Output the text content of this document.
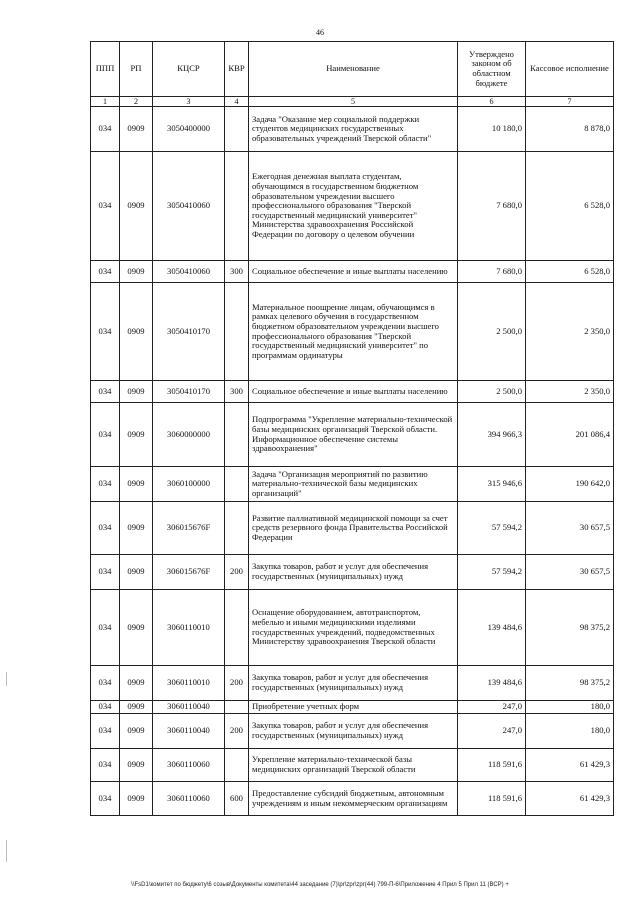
46
ППП	РП	КЦСР	КВР	Наименование	Утверждено законом об областном бюджете	Кассовое исполнение
1	2	3	4	5	6	7
034	0909	3050400000		Задача "Оказание мер социальной поддержки студентов медицинских государственных образовательных учреждений Тверской области"	10 180,0	8 878,0
034	0909	3050410060		Ежегодная денежная выплата студентам, обучающимся в государственном бюджетном образовательном учреждении высшего профессионального образования "Тверской государственный медицинский университет" Министерства здравоохранения Российской Федерации по договору о целевом обучении	7 680,0	6 528,0
034	0909	3050410060	300	Социальное обеспечение и иные выплаты населению	7 680,0	6 528,0
034	0909	3050410170		Материальное поощрение лицам, обучающимся в рамках целевого обучения в государственном бюджетном образовательном учреждении высшего профессионального образования "Тверской государственный медицинский университет" по программам ординатуры	2 500,0	2 350,0
034	0909	3050410170	300	Социальное обеспечение и иные выплаты населению	2 500,0	2 350,0
034	0909	3060000000		Подпрограмма "Укрепление материально-технической базы медицинских организаций Тверской области. Информационное обеспечение системы здравоохранения"	394 966,3	201 086,4
034	0909	3060100000		Задача "Организация мероприятий по развитию материально-технической базы медицинских организаций"	315 946,6	190 642,0
034	0909	306015676F		Развитие паллиативной медицинской помощи за счет средств резервного фонда Правительства Российской Федерации	57 594,2	30 657,5
034	0909	306015676F	200	Закупка товаров, работ и услуг для обеспечения государственных (муниципальных) нужд	57 594,2	30 657,5
034	0909	3060110010		Оснащение оборудованием, автотранспортом, мебелью и иными медицинскими изделиями государственных учреждений, подведомственных Министерству здравоохранения Тверской области	139 484,6	98 375,2
034	0909	3060110010	200	Закупка товаров, работ и услуг для обеспечения государственных (муниципальных) нужд	139 484,6	98 375,2
034	0909	3060110040		Приобретение учетных форм	247,0	180,0
034	0909	3060110040	200	Закупка товаров, работ и услуг для обеспечения государственных (муниципальных) нужд	247,0	180,0
034	0909	3060110060		Укрепление материально-технической базы медицинских организаций Тверской области	118 591,6	61 429,3
034	0909	3060110060	600	Предоставление субсидий бюджетным, автономным учреждениям и иным некоммерческим организациям	118 591,6	61 429,3
\\FsD1\комитет по бюджету\6 созыв\Документы комитета\44 заседание (7)\pr\zpr\zpr(44) 799-П-6\Приложение 4 Прил 5 Прил 11 (ВСР) +
